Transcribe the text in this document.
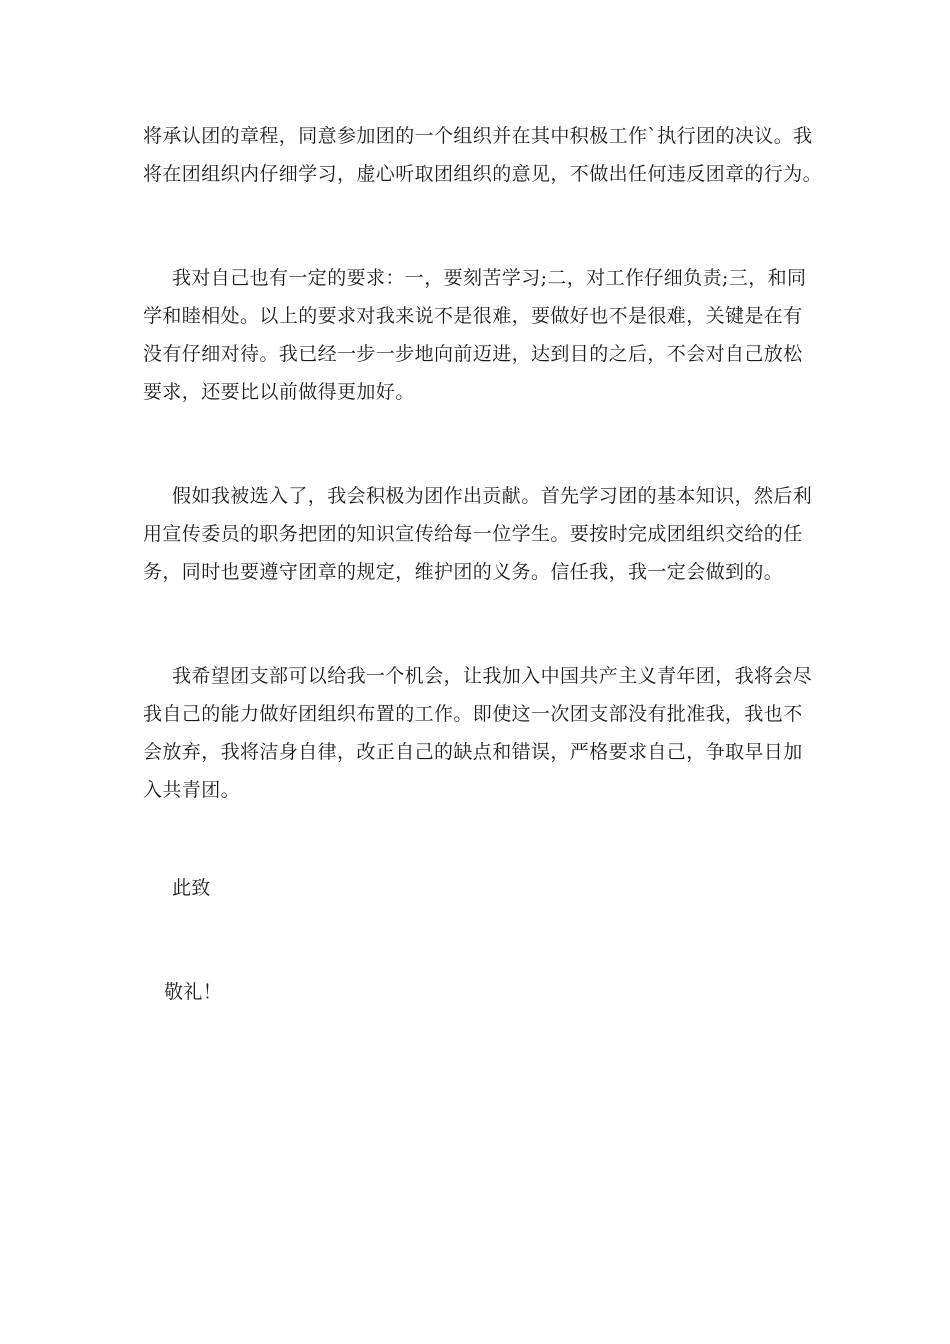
将承认团的章程，同意参加团的一个组织并在其中积极工作`执行团的决议。我
将在团组织内仔细学习，虚心听取团组织的意见，不做出任何违反团章的行为。
我对自己也有一定的要求：一，要刻苦学习;二，对工作仔细负责;三，和同
学和睦相处。以上的要求对我来说不是很难，要做好也不是很难，关键是在有
没有仔细对待。我已经一步一步地向前迈进，达到目的之后，不会对自己放松
要求，还要比以前做得更加好。
假如我被选入了，我会积极为团作出贡献。首先学习团的基本知识，然后利
用宣传委员的职务把团的知识宣传给每一位学生。要按时完成团组织交给的任
务，同时也要遵守团章的规定，维护团的义务。信任我，我一定会做到的。
我希望团支部可以给我一个机会，让我加入中国共产主义青年团，我将会尽
我自己的能力做好团组织布置的工作。即使这一次团支部没有批准我，我也不
会放弃，我将洁身自律，改正自己的缺点和错误，严格要求自己，争取早日加
入共青团。
此致
敬礼！
